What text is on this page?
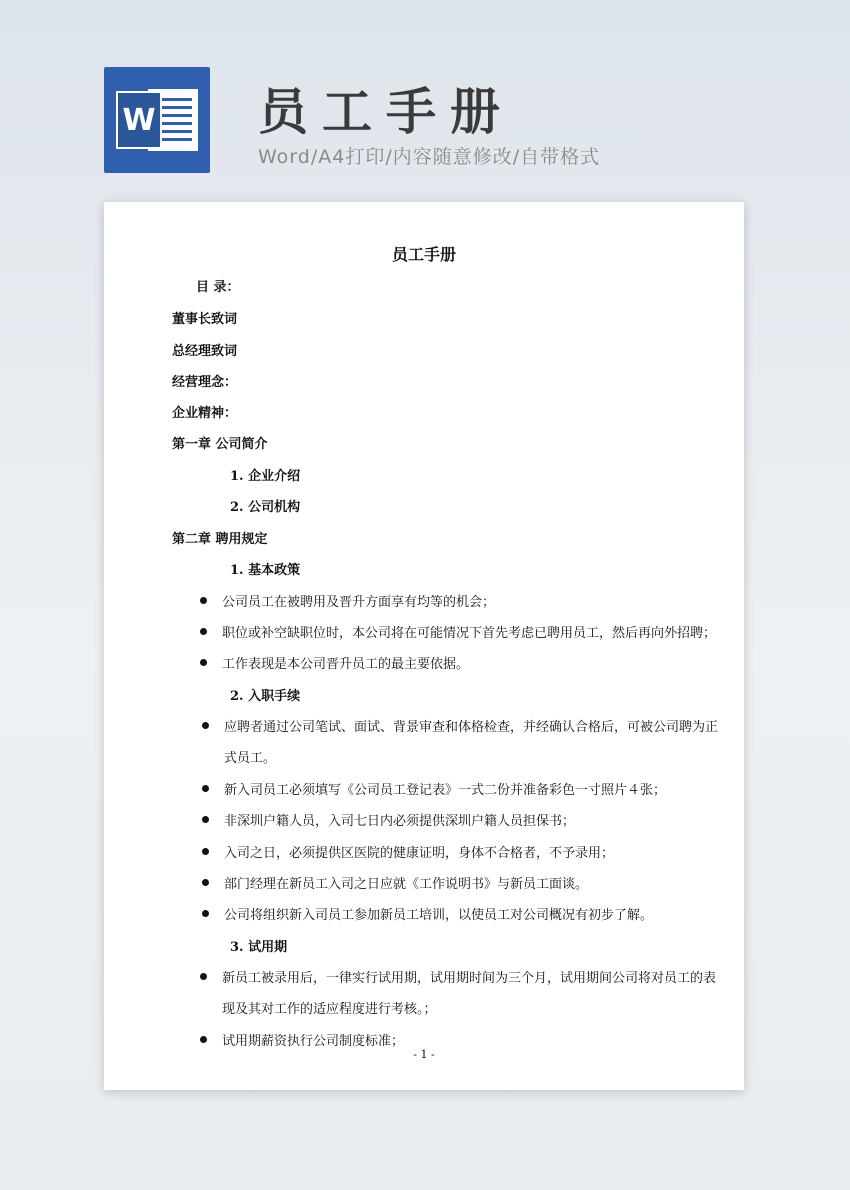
W 员工手册

Word/A4打印/内容随意修改/自带格式

员工手册

目 录：

董事长致词

总经理致词

经营理念：

企业精神：

第一章 公司简介

1. 企业介绍

2. 公司机构

第二章 聘用规定

1. 基本政策

公司员工在被聘用及晋升方面享有均等的机会；
职位或补空缺职位时，本公司将在可能情况下首先考虑已聘用员工，然后再向外招聘；
工作表现是本公司晋升员工的最主要依据。

2. 入职手续

应聘者通过公司笔试、面试、背景审查和体格检查，并经确认合格后，可被公司聘为正

式员工。

新入司员工必须填写《公司员工登记表》一式二份并准备彩色一寸照片４张；
非深圳户籍人员，入司七日内必须提供深圳户籍人员担保书；
入司之日，必须提供区医院的健康证明，身体不合格者，不予录用；
部门经理在新员工入司之日应就《工作说明书》与新员工面谈。
公司将组织新入司员工参加新员工培训，以使员工对公司概况有初步了解。

3. 试用期

新员工被录用后，一律实行试用期，试用期时间为三个月，试用期间公司将对员工的表

现及其对工作的适应程度进行考核。；

试用期薪资执行公司制度标准；

- 1 -
